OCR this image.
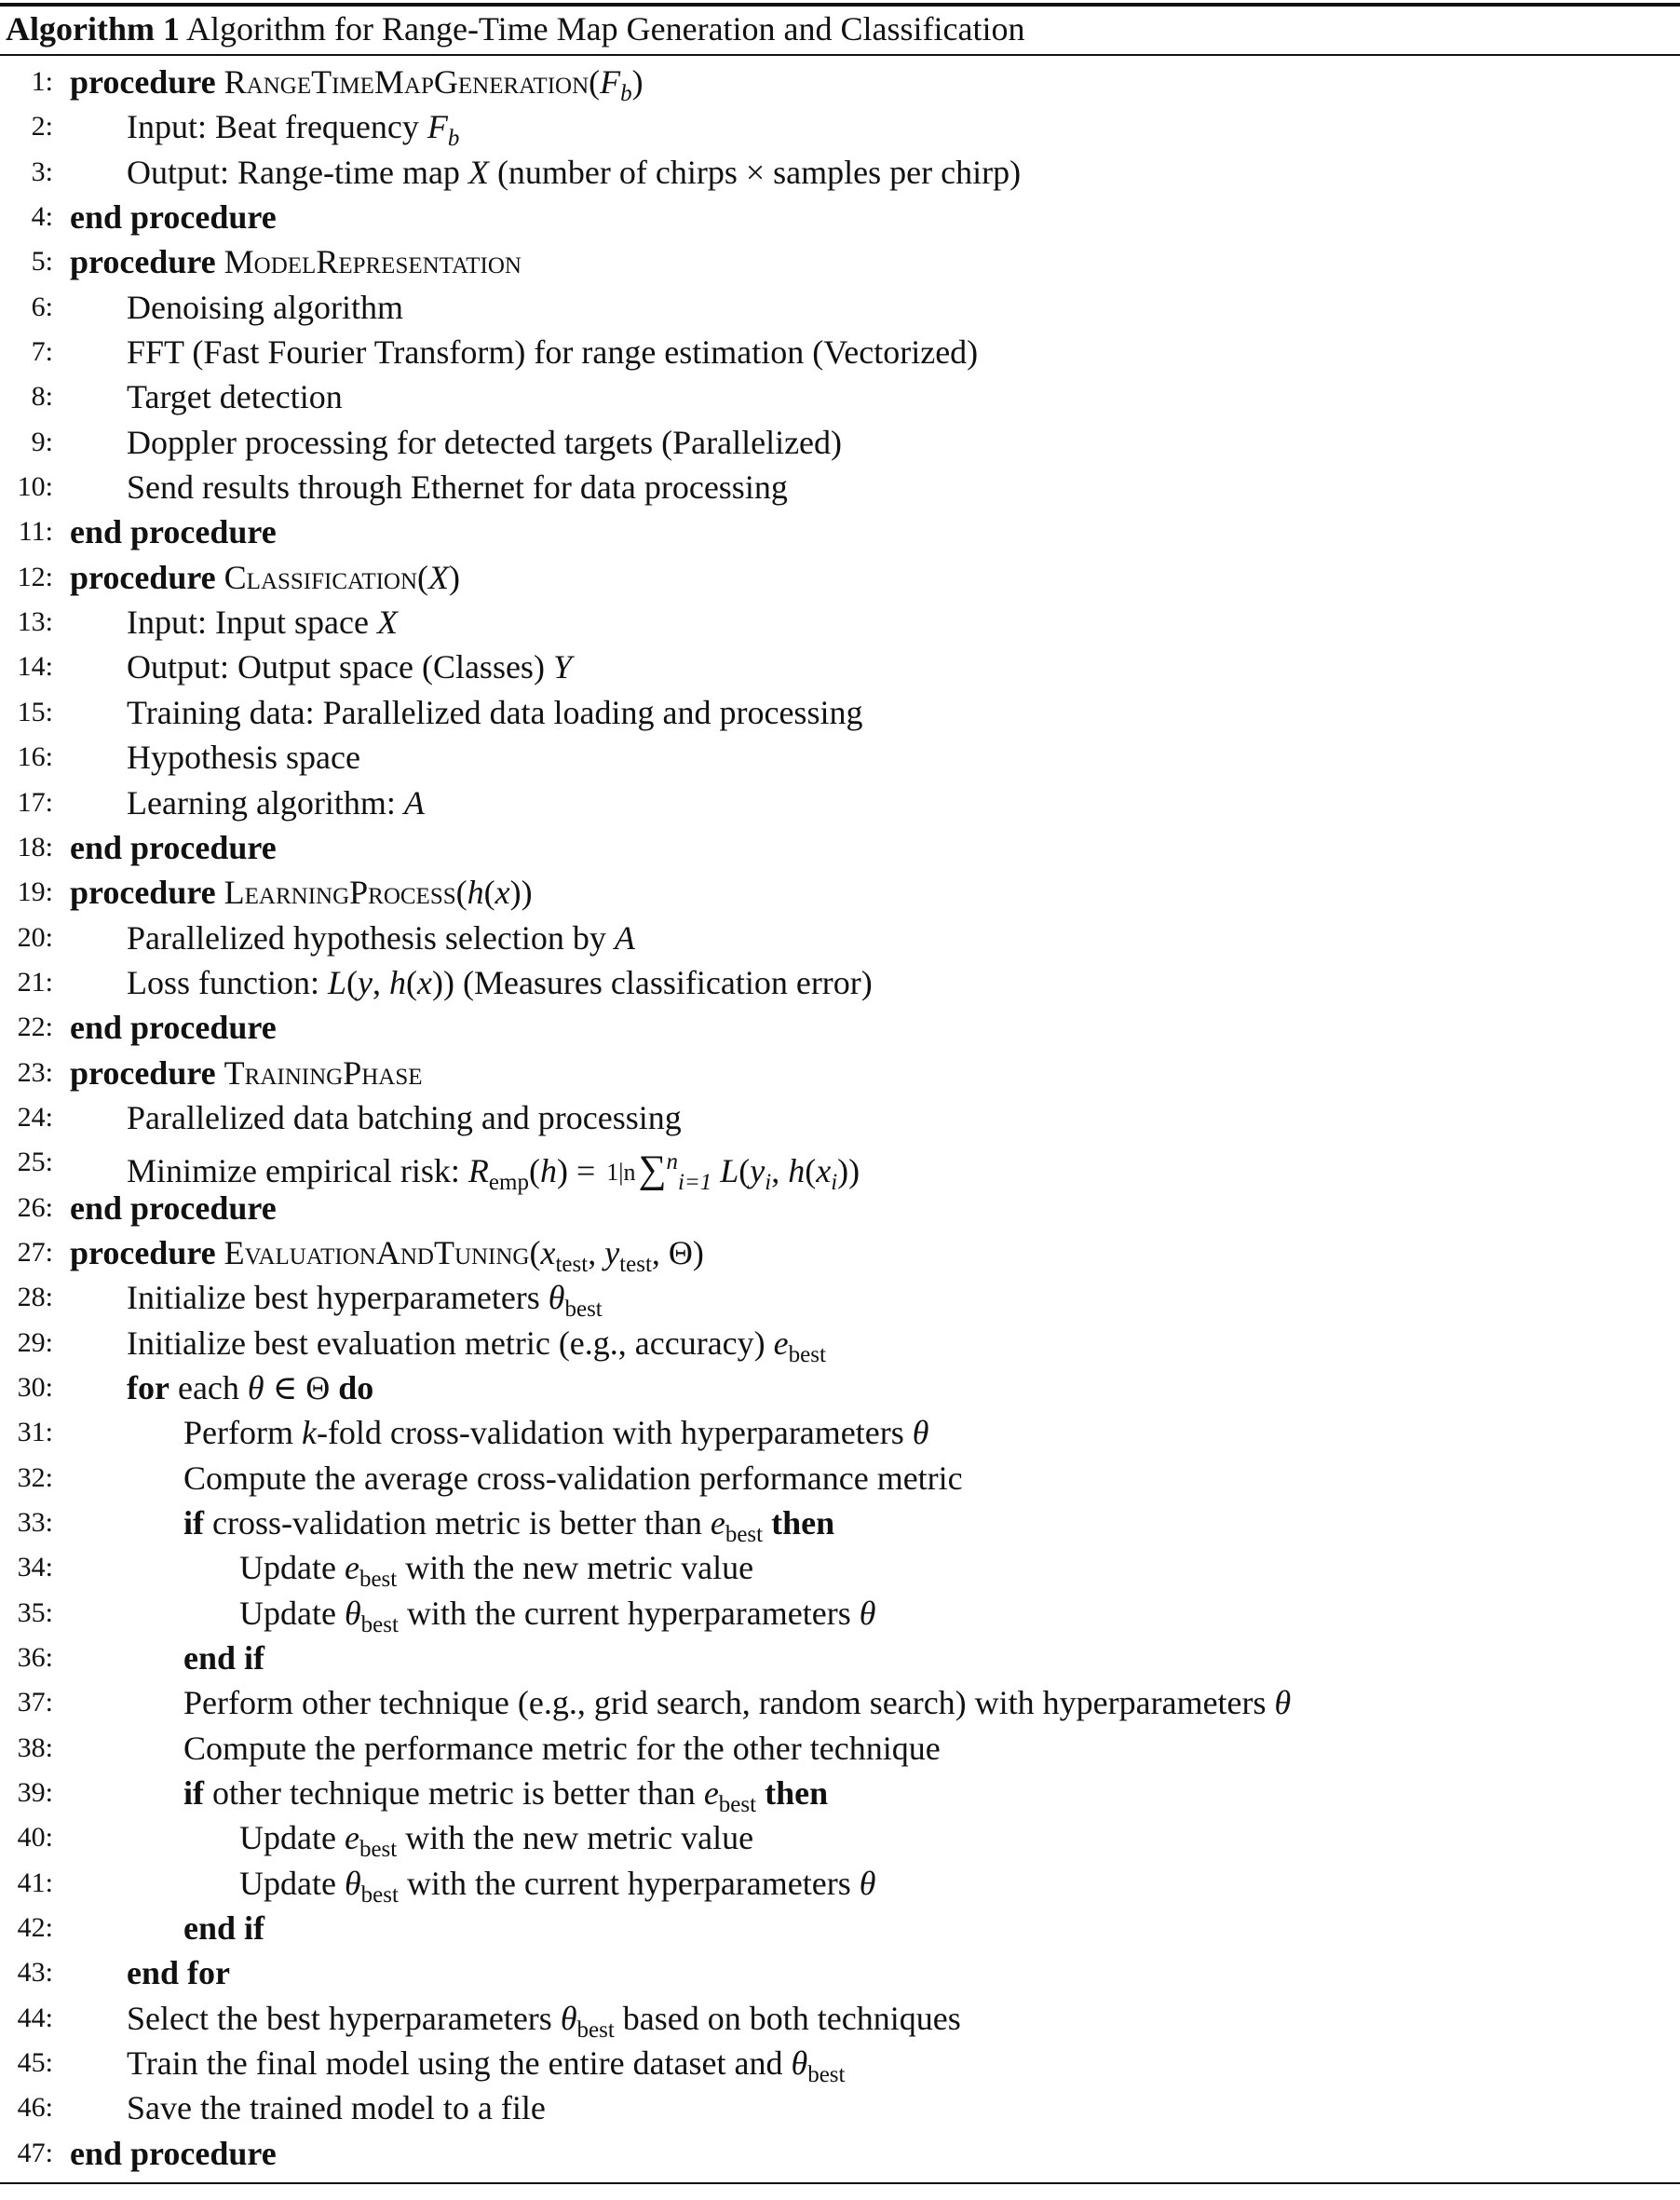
Algorithm 1 Algorithm for Range-Time Map Generation and Classification
1: procedure $RangeTimeMapGeneration(F_b)$
2: Input: Beat frequency $F_b$
3: Output: Range-time map X (number of chirps × samples per chirp)
4: end procedure
5: procedure ModelRepresentation
6: Denoising algorithm
7: FFT (Fast Fourier Transform) for range estimation (Vectorized)
8: Target detection
9: Doppler processing for detected targets (Parallelized)
10: Send results through Ethernet for data processing
11: end procedure
12: procedure Classification(X)
13: Input: Input space X
14: Output: Output space (Classes) Y
15: Training data: Parallelized data loading and processing
16: Hypothesis space
17: Learning algorithm: A
18: end procedure
19: procedure LearningProcess(h(x))
20: Parallelized hypothesis selection by A
21: Loss function: L(y, h(x)) (Measures classification error)
22: end procedure
23: procedure TrainingPhase
24: Parallelized data batching and processing
25: Minimize empirical risk: $R_{emp}(h) = 1|n\sum^n_{i=1}$ $L(y_i$, $h(x_i)$)
26: end procedure
27: procedure $EvaluationAndTuning(x_{test}$, $y_{test}$, Θ)
28: Initialize best hyperparameters $\theta_{best}$
29: Initialize best evaluation metric (e.g., accuracy) $e_{best}$
30: for each θ ∈ Θ do
31:	Perform k-fold cross-validation with hyperparameters θ
32:	Compute the average cross-validation performance metric
33:	if cross-validation metric is better than $e_{best}$ then
34:	Update $e_{best}$ with the new metric value
35:	Update $\theta_{best}$ with the current hyperparameters θ
36:	end if
37:	Perform other technique (e.g., grid search, random search) with hyperparameters θ
38:	Compute the performance metric for the other technique
39:	if other technique metric is better than $e_{best}$ then
40:	Update $e_{best}$ with the new metric value
41:	Update $\theta_{best}$ with the current hyperparameters θ
42:	end if
43: end for
44: Select the best hyperparameters $\theta_{best}$ based on both techniques
45: Train the final model using the entire dataset and $\theta_{best}$
46: Save the trained model to a file
47: end procedure
